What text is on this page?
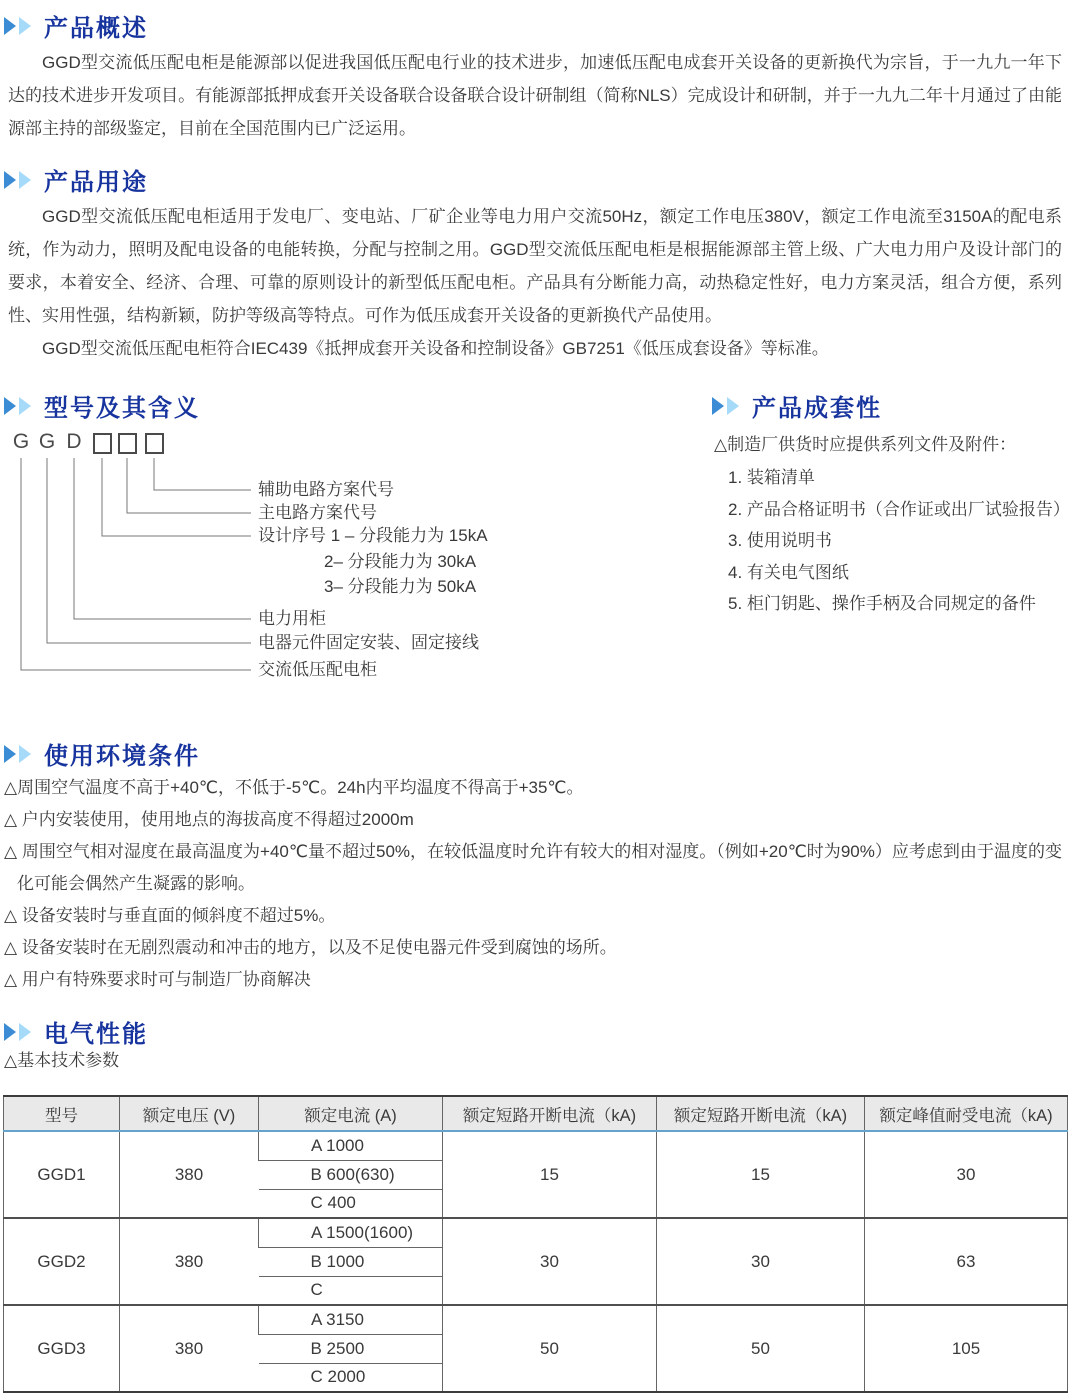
产品概述

GGD型交流低压配电柜是能源部以促进我国低压配电行业的技术进步，加速低压配电成套开关设备的更新换代为宗旨，于一九九一年下达的技术进步开发项目。有能源部抵押成套开关设备联合设备联合设计研制组（简称NLS）完成设计和研制，并于一九九二年十月通过了由能源部主持的部级鉴定，目前在全国范围内已广泛运用。

产品用途

GGD型交流低压配电柜适用于发电厂、变电站、厂矿企业等电力用户交流50Hz，额定工作电压380V，额定工作电流至3150A的配电系统，作为动力，照明及配电设备的电能转换，分配与控制之用。GGD型交流低压配电柜是根据能源部主管上级、广大电力用户及设计部门的要求，本着安全、经济、合理、可靠的原则设计的新型低压配电柜。产品具有分断能力高，动热稳定性好，电力方案灵活，组合方便，系列性、实用性强，结构新颖，防护等级高等特点。可作为低压成套开关设备的更新换代产品使用。

GGD型交流低压配电柜符合IEC439《抵押成套开关设备和控制设备》GB7251《低压成套设备》等标准。

型号及其含义
G G D
辅助电路方案代号
主电路方案代号
设计序号 1 – 分段能力为 15kA
2– 分段能力为 30kA
3– 分段能力为 50kA
电力用柜
电器元件固定安装、固定接线
交流低压配电柜
产品成套性
△制造厂供货时应提供系列文件及附件：
1. 装箱清单
2. 产品合格证明书（合作证或出厂试验报告）
3. 使用说明书
4. 有关电气图纸
5. 柜门钥匙、操作手柄及合同规定的备件
使用环境条件
△周围空气温度不高于+40℃，不低于-5℃。24h内平均温度不得高于+35℃。
△ 户内安装使用，使用地点的海拔高度不得超过2000m
△ 周围空气相对湿度在最高温度为+40℃量不超过50%，在较低温度时允许有较大的相对湿度。（例如+20℃时为90%）应考虑到由于温度的变化可能会偶然产生凝露的影响。
△ 设备安装时与垂直面的倾斜度不超过5%。
△ 设备安装时在无剧烈震动和冲击的地方，以及不足使电器元件受到腐蚀的场所。
△ 用户有特殊要求时可与制造厂协商解决
电气性能
△基本技术参数
型号	额定电压 (V)	额定电流 (A)	额定短路开断电流（kA)	额定短路开断电流（kA)	额定峰值耐受电流（kA)
GGD1	380	A 1000	15	15	30
		B 600(630)			
		C 400			
GGD2	380	A 1500(1600)	30	30	63
		B 1000			
		C			
GGD3	380	A 3150	50	50	105
		B 2500			
		C 2000			
